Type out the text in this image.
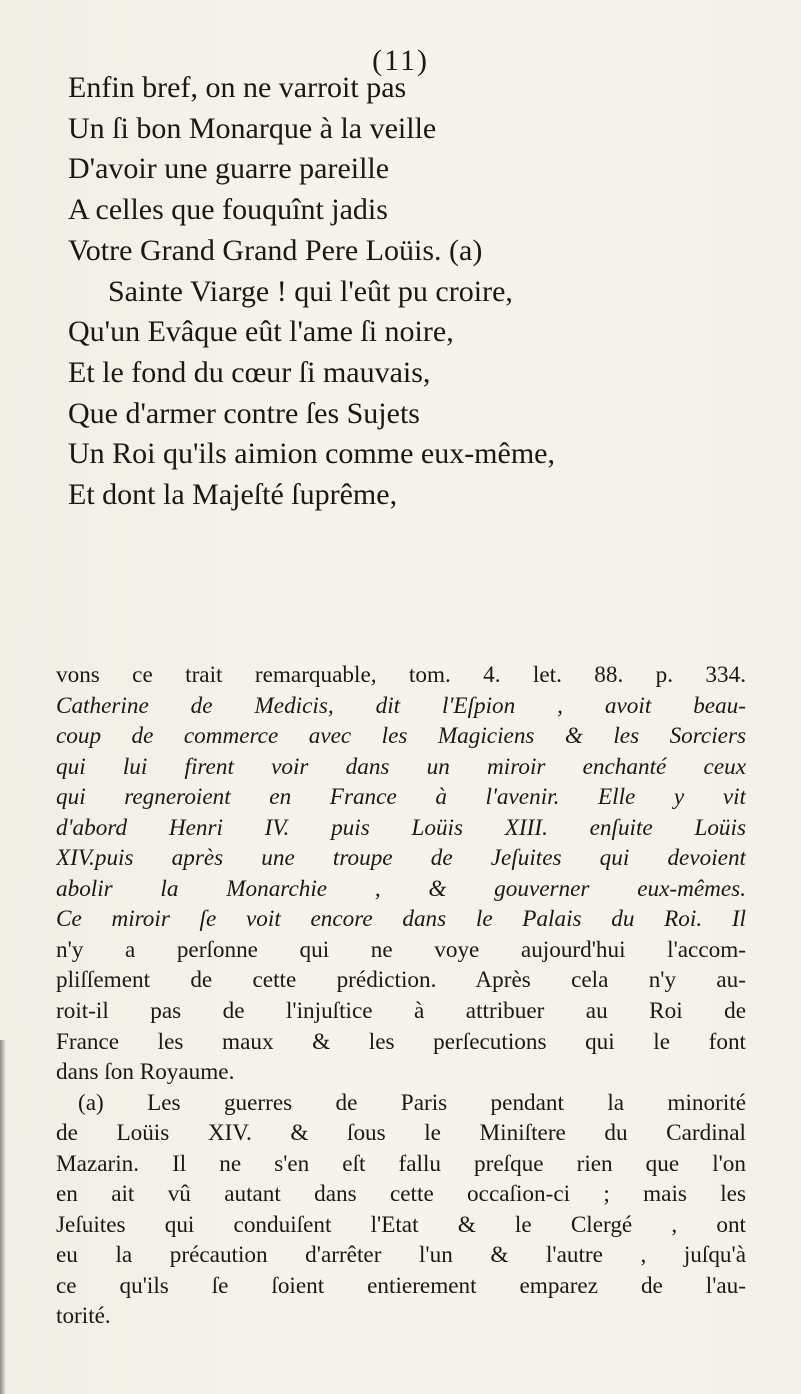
(11)
Enfin bref, on ne varroit pas
Un ſi bon Monarque à la veille
D'avoir une guarre pareille
A celles que fouquînt jadis
Votre Grand Grand Pere Loüis. (a)
Sainte Viarge ! qui l'eût pu croire,
Qu'un Evâque eût l'ame ſi noire,
Et le fond du cœur ſi mauvais,
Que d'armer contre ſes Sujets
Un Roi qu'ils aimion comme eux-même,
Et dont la Majeſté ſuprême,

vons ce trait remarquable, tom. 4. let. 88. p. 334.
Catherine de Medicis, dit l'Eſpion , avoit beau-
coup de commerce avec les Magiciens & les Sorciers
qui lui firent voir dans un miroir enchanté ceux
qui regneroient en France à l'avenir. Elle y vit
d'abord Henri IV. puis Loüis XIII. enſuite Loüis
XIV.puis après une troupe de Jeſuites qui devoient
abolir la Monarchie , & gouverner eux-mêmes.
Ce miroir ſe voit encore dans le Palais du Roi. Il
n'y a perſonne qui ne voye aujourd'hui l'accom-
pliſſement de cette prédiction. Après cela n'y au-
roit-il pas de l'injuſtice à attribuer au Roi de
France les maux & les perſecutions qui le font
dans ſon Royaume.

(a) Les guerres de Paris pendant la minorité
de Loüis XIV. & ſous le Miniſtere du Cardinal
Mazarin. Il ne s'en eſt fallu preſque rien que l'on
en ait vû autant dans cette occaſion-ci ; mais les
Jeſuites qui conduiſent l'Etat & le Clergé , ont
eu la précaution d'arrêter l'un & l'autre , juſqu'à
ce qu'ils ſe ſoient entierement emparez de l'au-
torité.
